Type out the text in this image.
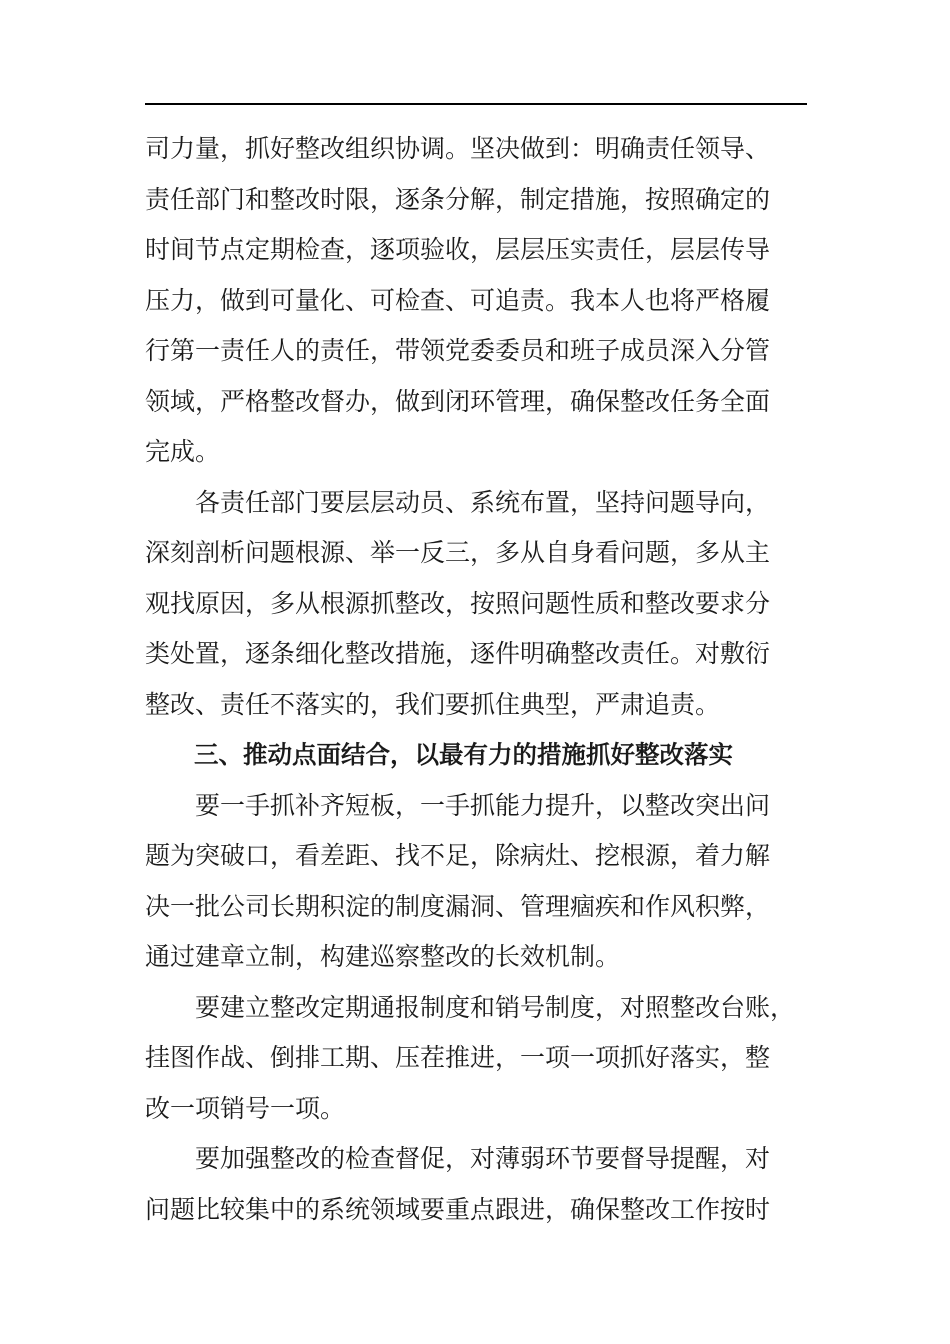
司力量，抓好整改组织协调。坚决做到：明确责任领导、
责任部门和整改时限，逐条分解，制定措施，按照确定的
时间节点定期检查，逐项验收，层层压实责任，层层传导
压力，做到可量化、可检查、可追责。我本人也将严格履
行第一责任人的责任，带领党委委员和班子成员深入分管
领域，严格整改督办，做到闭环管理，确保整改任务全面
完成。
　　各责任部门要层层动员、系统布置，坚持问题导向，
深刻剖析问题根源、举一反三，多从自身看问题，多从主
观找原因，多从根源抓整改，按照问题性质和整改要求分
类处置，逐条细化整改措施，逐件明确整改责任。对敷衍
整改、责任不落实的，我们要抓住典型，严肃追责。
　　三、推动点面结合，以最有力的措施抓好整改落实
　　要一手抓补齐短板，一手抓能力提升，以整改突出问
题为突破口，看差距、找不足，除病灶、挖根源，着力解
决一批公司长期积淀的制度漏洞、管理痼疾和作风积弊，
通过建章立制，构建巡察整改的长效机制。
　　要建立整改定期通报制度和销号制度，对照整改台账，
挂图作战、倒排工期、压茬推进，一项一项抓好落实，整
改一项销号一项。
　　要加强整改的检查督促，对薄弱环节要督导提醒，对
问题比较集中的系统领域要重点跟进，确保整改工作按时
